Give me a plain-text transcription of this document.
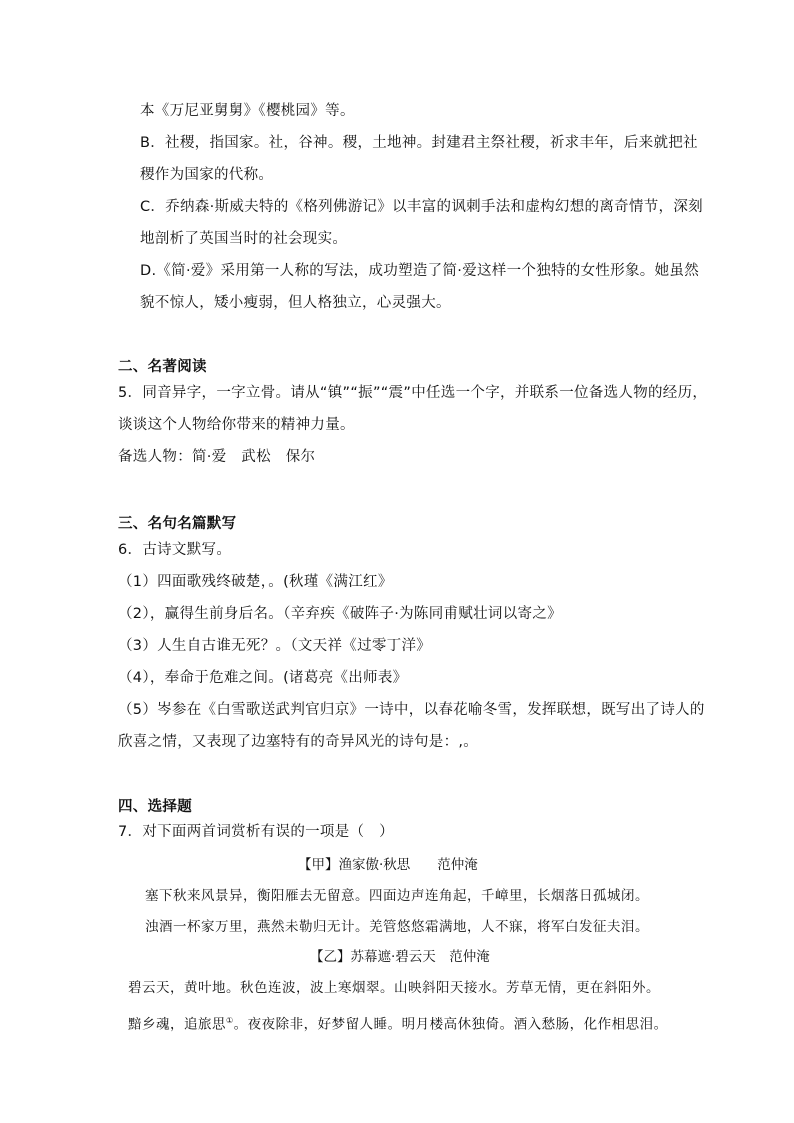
本《万尼亚舅舅》《樱桃园》等。
B．社稷，指国家。社，谷神。稷，土地神。封建君主祭社稷，祈求丰年，后来就把社
稷作为国家的代称。
C．乔纳森·斯威夫特的《格列佛游记》以丰富的讽刺手法和虚构幻想的离奇情节，深刻
地剖析了英国当时的社会现实。
D.《简·爱》采用第一人称的写法，成功塑造了简·爱这样一个独特的女性形象。她虽然
貌不惊人，矮小瘦弱，但人格独立，心灵强大。
二、名著阅读
5．同音异字，一字立骨。请从“镇”“振”“震”中任选一个字，并联系一位备选人物的经历，
谈谈这个人物给你带来的精神力量。
备选人物：简·爱　武松　保尔
三、名句名篇默写
6．古诗文默写。
（1）四面歌残终破楚，。(秋瑾《满江红》
（2），赢得生前身后名。（辛弃疾《破阵子·为陈同甫赋壮词以寄之》
（3）人生自古谁无死？。（文天祥《过零丁洋》
（4），奉命于危难之间。(诸葛亮《出师表》
（5）岑参在《白雪歌送武判官归京》一诗中，以春花喻冬雪，发挥联想，既写出了诗人的
欣喜之情，又表现了边塞特有的奇异风光的诗句是：,。
四、选择题
7．对下面两首词赏析有误的一项是（　）
【甲】渔家傲·秋思　　范仲淹
塞下秋来风景异，衡阳雁去无留意。四面边声连角起，千嶂里，长烟落日孤城闭。
浊酒一杯家万里，燕然未勒归无计。羌管悠悠霜满地，人不寐，将军白发征夫泪。
【乙】苏幕遮·碧云天　范仲淹
碧云天，黄叶地。秋色连波，波上寒烟翠。山映斜阳天接水。芳草无情，更在斜阳外。
黯乡魂，追旅思①。夜夜除非，好梦留人睡。明月楼高休独倚。酒入愁肠，化作相思泪。
